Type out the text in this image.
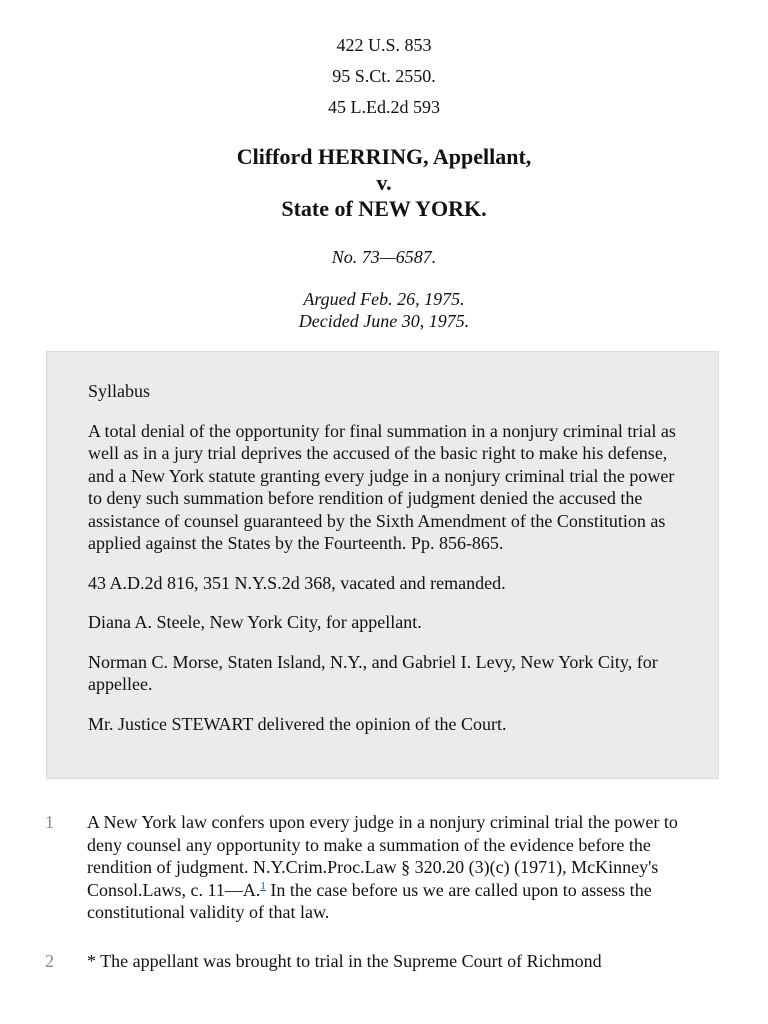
422 U.S. 853
95 S.Ct. 2550.
45 L.Ed.2d 593
Clifford HERRING, Appellant,
v.
State of NEW YORK.
No. 73—6587.
Argued Feb. 26, 1975.
Decided June 30, 1975.

Syllabus

A total denial of the opportunity for final summation in a nonjury criminal trial as well as in a jury trial deprives the accused of the basic right to make his defense, and a New York statute granting every judge in a nonjury criminal trial the power to deny such summation before rendition of judgment denied the accused the assistance of counsel guaranteed by the Sixth Amendment of the Constitution as applied against the States by the Fourteenth. Pp. 856-865.

43 A.D.2d 816, 351 N.Y.S.2d 368, vacated and remanded.

Diana A. Steele, New York City, for appellant.

Norman C. Morse, Staten Island, N.Y., and Gabriel I. Levy, New York City, for appellee.

Mr. Justice STEWART delivered the opinion of the Court.

1 A New York law confers upon every judge in a nonjury criminal trial the power to deny counsel any opportunity to make a summation of the evidence before the rendition of judgment. N.Y.Crim.Proc.Law § 320.20 (3)(c) (1971), McKinney's Consol.Laws, c. 11—A.$^1$ In the case before us we are called upon to assess the constitutional validity of that law.
2 * The appellant was brought to trial in the Supreme Court of Richmond
